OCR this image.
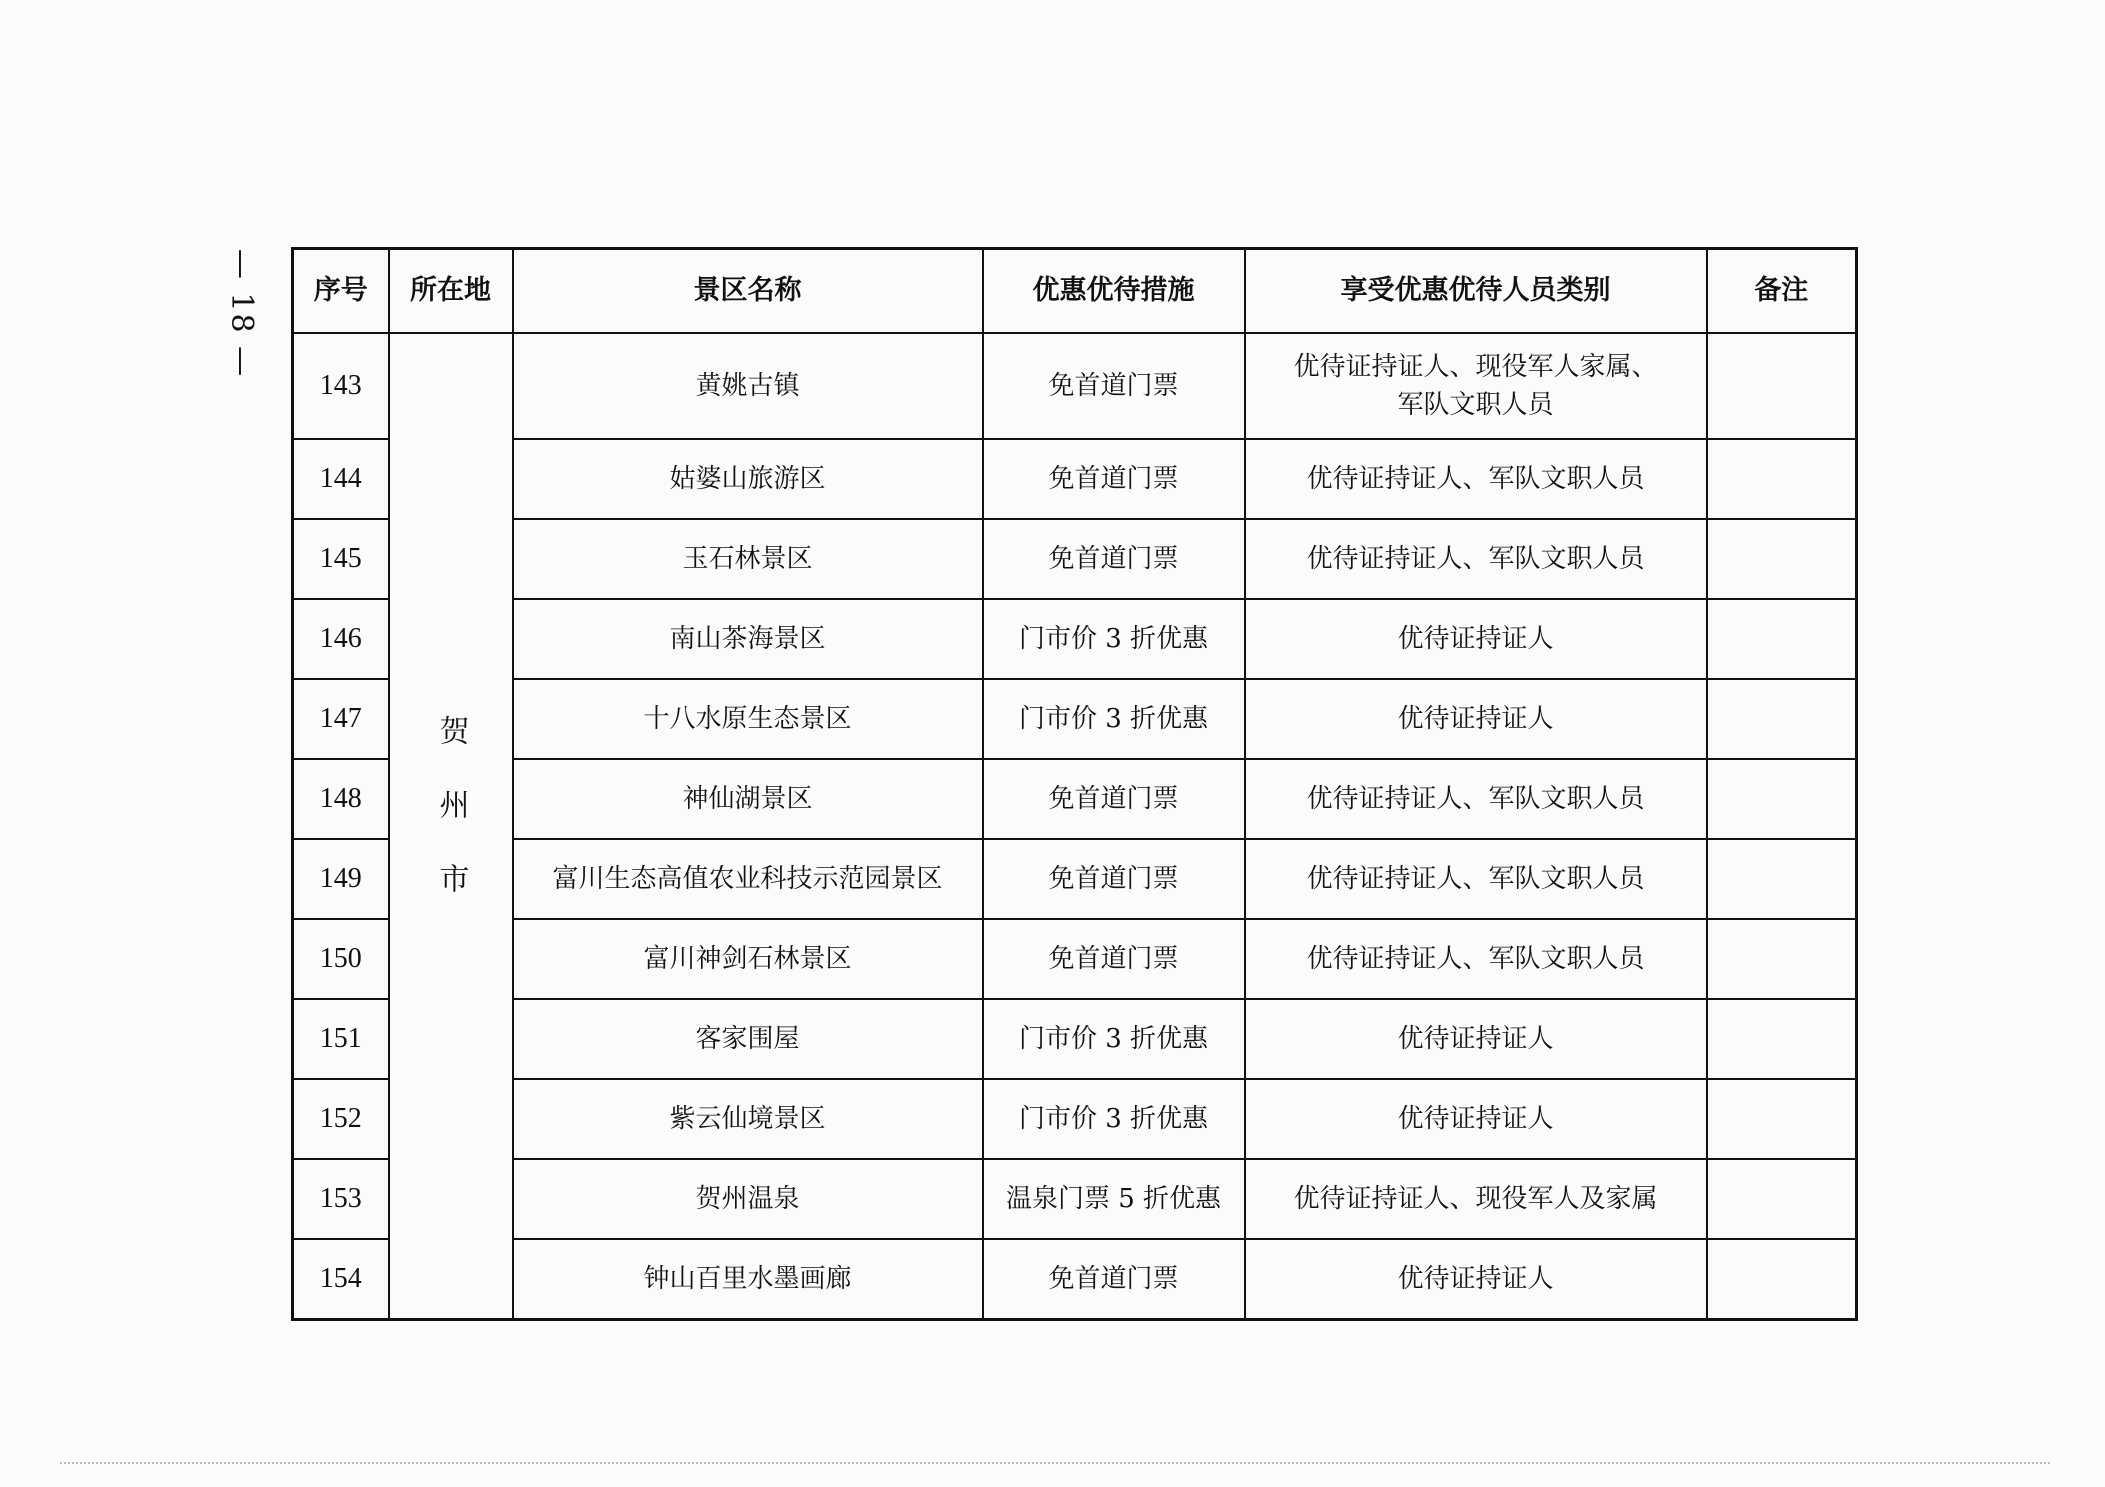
— 18 — 序号	所在地	景区名称	优惠优待措施	享受优惠优待人员类别	备注
143	贺州市	黄姚古镇	免首道门票	优待证持证人、现役军人家属、
军队文职人员	
144		姑婆山旅游区	免首道门票	优待证持证人、军队文职人员	
145		玉石林景区	免首道门票	优待证持证人、军队文职人员	
146		南山茶海景区	门市价 3 折优惠	优待证持证人	
147		十八水原生态景区	门市价 3 折优惠	优待证持证人	
148		神仙湖景区	免首道门票	优待证持证人、军队文职人员	
149		富川生态高值农业科技示范园景区	免首道门票	优待证持证人、军队文职人员	
150		富川神剑石林景区	免首道门票	优待证持证人、军队文职人员	
151		客家围屋	门市价 3 折优惠	优待证持证人	
152		紫云仙境景区	门市价 3 折优惠	优待证持证人	
153		贺州温泉	温泉门票 5 折优惠	优待证持证人、现役军人及家属	
154		钟山百里水墨画廊	免首道门票	优待证持证人	
